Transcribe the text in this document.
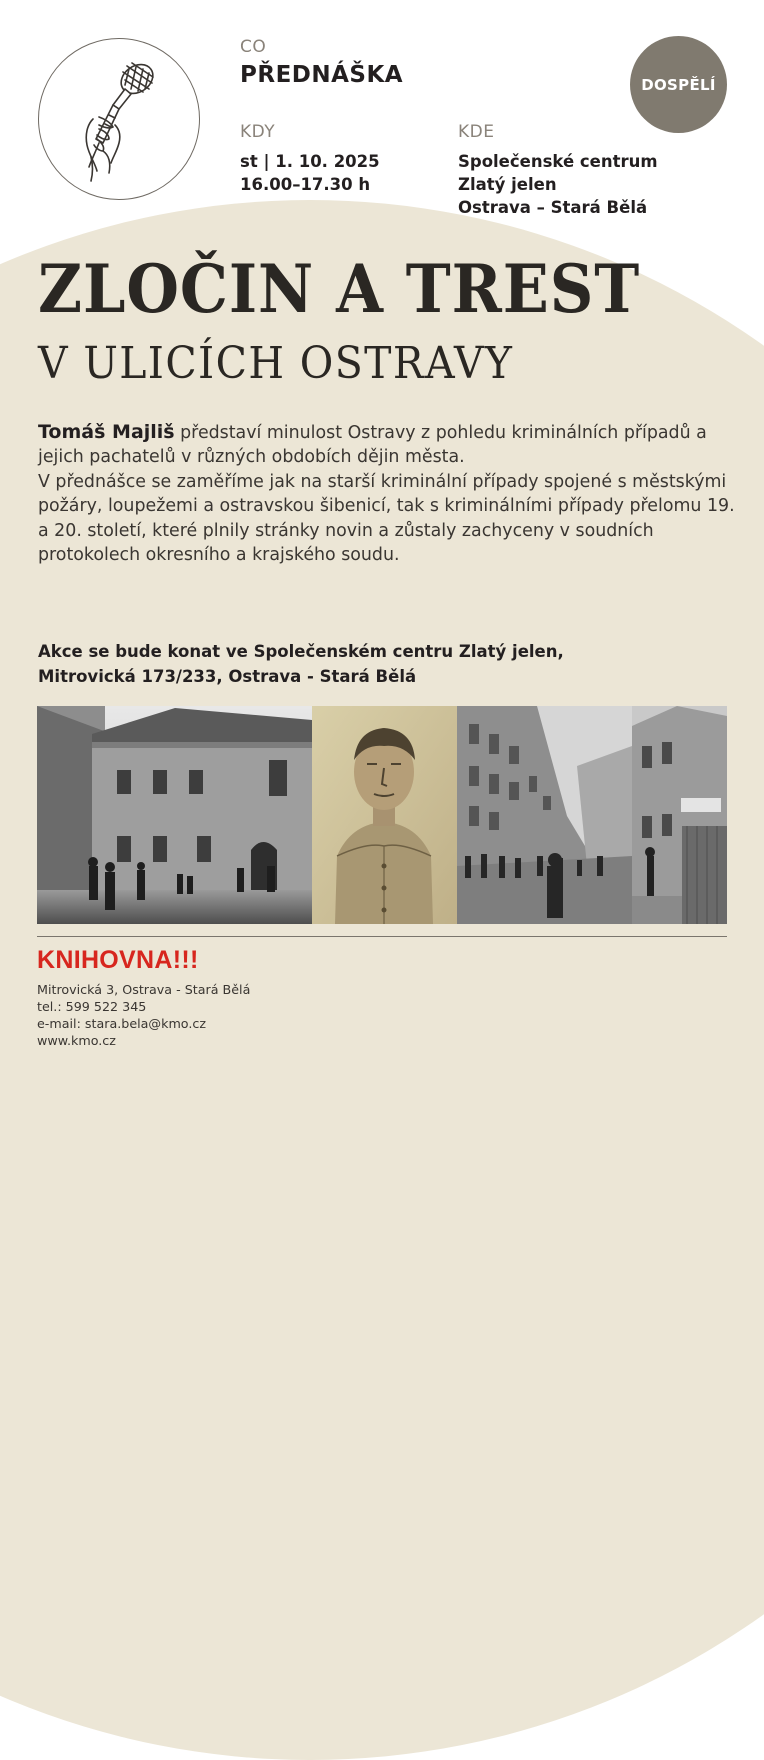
CO
PŘEDNÁŠKA
KDY
st | 1. 10. 2025
16.00–17.30 h
KDE
Společenské centrum
Zlatý jelen
Ostrava – Stará Bělá
DOSPĚLÍ
ZLOČIN A TREST
V ULICÍCH OSTRAVY

Tomáš Majliš představí minulost Ostravy z pohledu kriminálních případů a jejich pachatelů v různých obdobích dějin města.

V přednášce se zaměříme jak na starší kriminální případy spojené s městskými požáry, loupežemi a ostravskou šibenicí, tak s kriminálními případy přelomu 19. a 20. století, které plnily stránky novin a zůstaly zachyceny v soudních protokolech okresního a krajského soudu.

Akce se bude konat ve Společenském centru Zlatý jelen,
Mitrovická 173/233, Ostrava - Stará Bělá
KNIHOVNA!!!
Mitrovická 3, Ostrava - Stará Bělá
tel.: 599 522 345
e-mail: stara.bela@kmo.cz
www.kmo.cz
